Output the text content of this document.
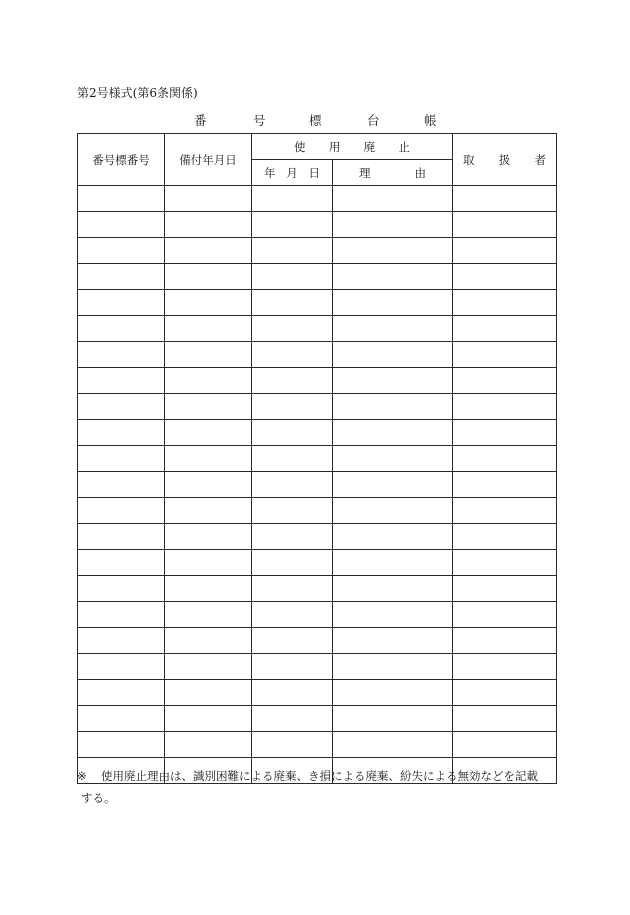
第2号様式(第6条関係)
番	号	標	台	帳
番号標番号	備付年月日	使 用 廃 止		取 扱 者

		年 月 日	理 由	

※ 使用廃止理由は、識別困難による廃棄、き損による廃棄、紛失による無効などを記載
する。
